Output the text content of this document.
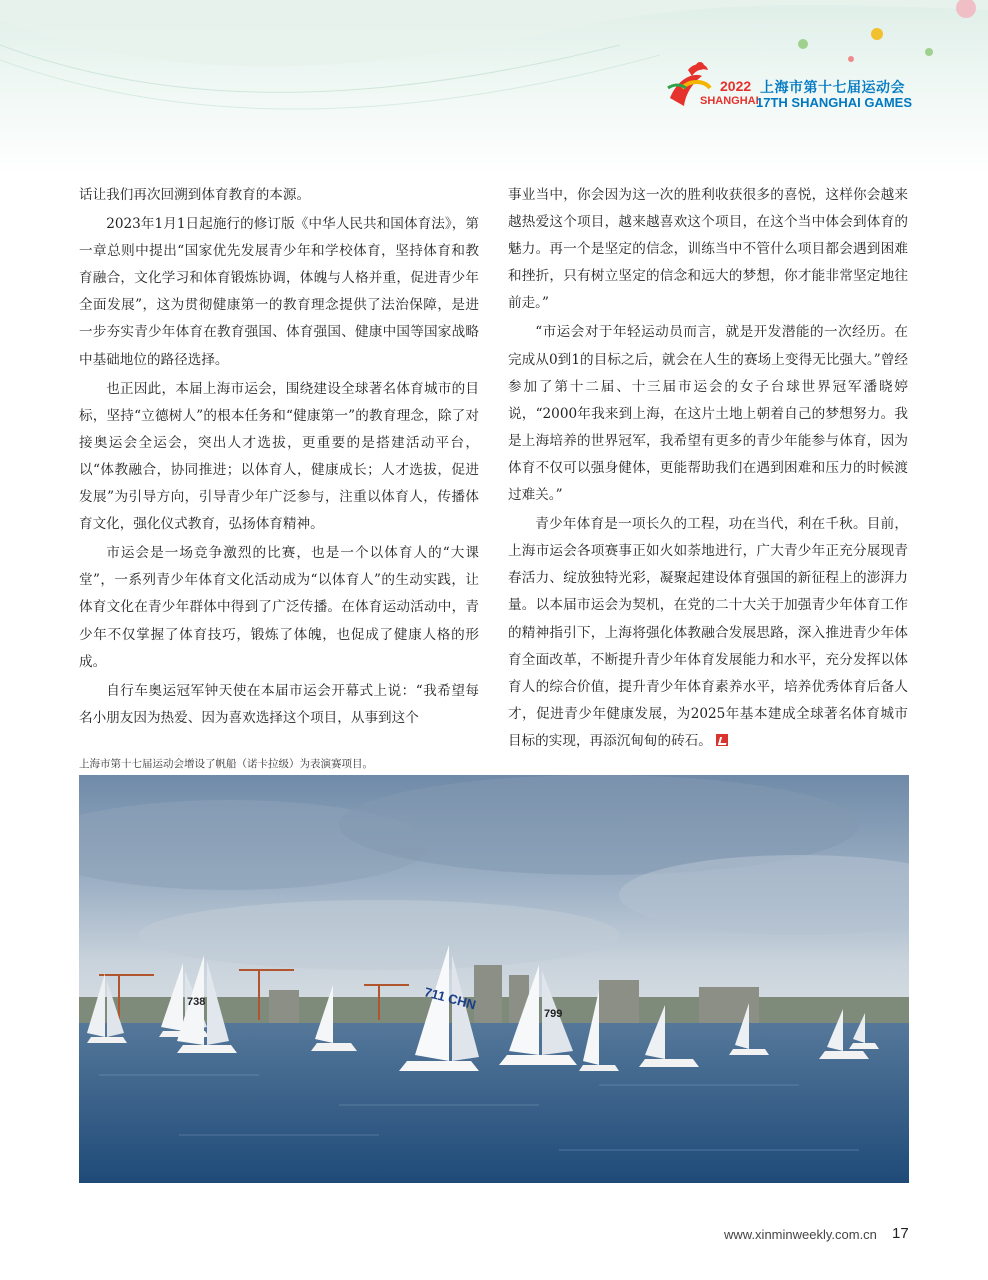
2022
SHANGHAI
上海市第十七届运动会
17TH SHANGHAI GAMES

话让我们再次回溯到体育教育的本源。

2023年1月1日起施行的修订版《中华人民共和国体育法》，第一章总则中提出“国家优先发展青少年和学校体育，坚持体育和教育融合，文化学习和体育锻炼协调，体魄与人格并重，促进青少年全面发展”，这为贯彻健康第一的教育理念提供了法治保障，是进一步夯实青少年体育在教育强国、体育强国、健康中国等国家战略中基础地位的路径选择。

也正因此，本届上海市运会，围绕建设全球著名体育城市的目标，坚持“立德树人”的根本任务和“健康第一”的教育理念，除了对接奥运会全运会，突出人才选拔，更重要的是搭建活动平台，以“体教融合，协同推进；以体育人，健康成长；人才选拔，促进发展”为引导方向，引导青少年广泛参与，注重以体育人，传播体育文化，强化仪式教育，弘扬体育精神。

市运会是一场竞争激烈的比赛，也是一个以体育人的“大课堂”，一系列青少年体育文化活动成为“以体育人”的生动实践，让体育文化在青少年群体中得到了广泛传播。在体育运动活动中，青少年不仅掌握了体育技巧，锻炼了体魄，也促成了健康人格的形成。

自行车奥运冠军钟天使在本届市运会开幕式上说：“我希望每名小朋友因为热爱、因为喜欢选择这个项目，从事到这个

事业当中，你会因为这一次的胜利收获很多的喜悦，这样你会越来越热爱这个项目，越来越喜欢这个项目，在这个当中体会到体育的魅力。再一个是坚定的信念，训练当中不管什么项目都会遇到困难和挫折，只有树立坚定的信念和远大的梦想，你才能非常坚定地往前走。”

“市运会对于年轻运动员而言，就是开发潜能的一次经历。在完成从0到1的目标之后，就会在人生的赛场上变得无比强大。”曾经参加了第十二届、十三届市运会的女子台球世界冠军潘晓婷说，“2000年我来到上海，在这片土地上朝着自己的梦想努力。我是上海培养的世界冠军，我希望有更多的青少年能参与体育，因为体育不仅可以强身健体，更能帮助我们在遇到困难和压力的时候渡过难关。”

青少年体育是一项长久的工程，功在当代，利在千秋。目前，上海市运会各项赛事正如火如荼地进行，广大青少年正充分展现青春活力、绽放独特光彩，凝聚起建设体育强国的新征程上的澎湃力量。以本届市运会为契机，在党的二十大关于加强青少年体育工作的精神指引下，上海将强化体教融合发展思路，深入推进青少年体育全面改革，不断提升青少年体育发展能力和水平，充分发挥以体育人的综合价值，提升青少年体育素养水平，培养优秀体育后备人才，促进青少年健康发展，为2025年基本建成全球著名体育城市目标的实现，再添沉甸甸的砖石。

上海市第十七届运动会增设了帆船（诺卡拉级）为表演赛项目。
738	711 CHN
799
www.xinminweekly.com.cn 17
